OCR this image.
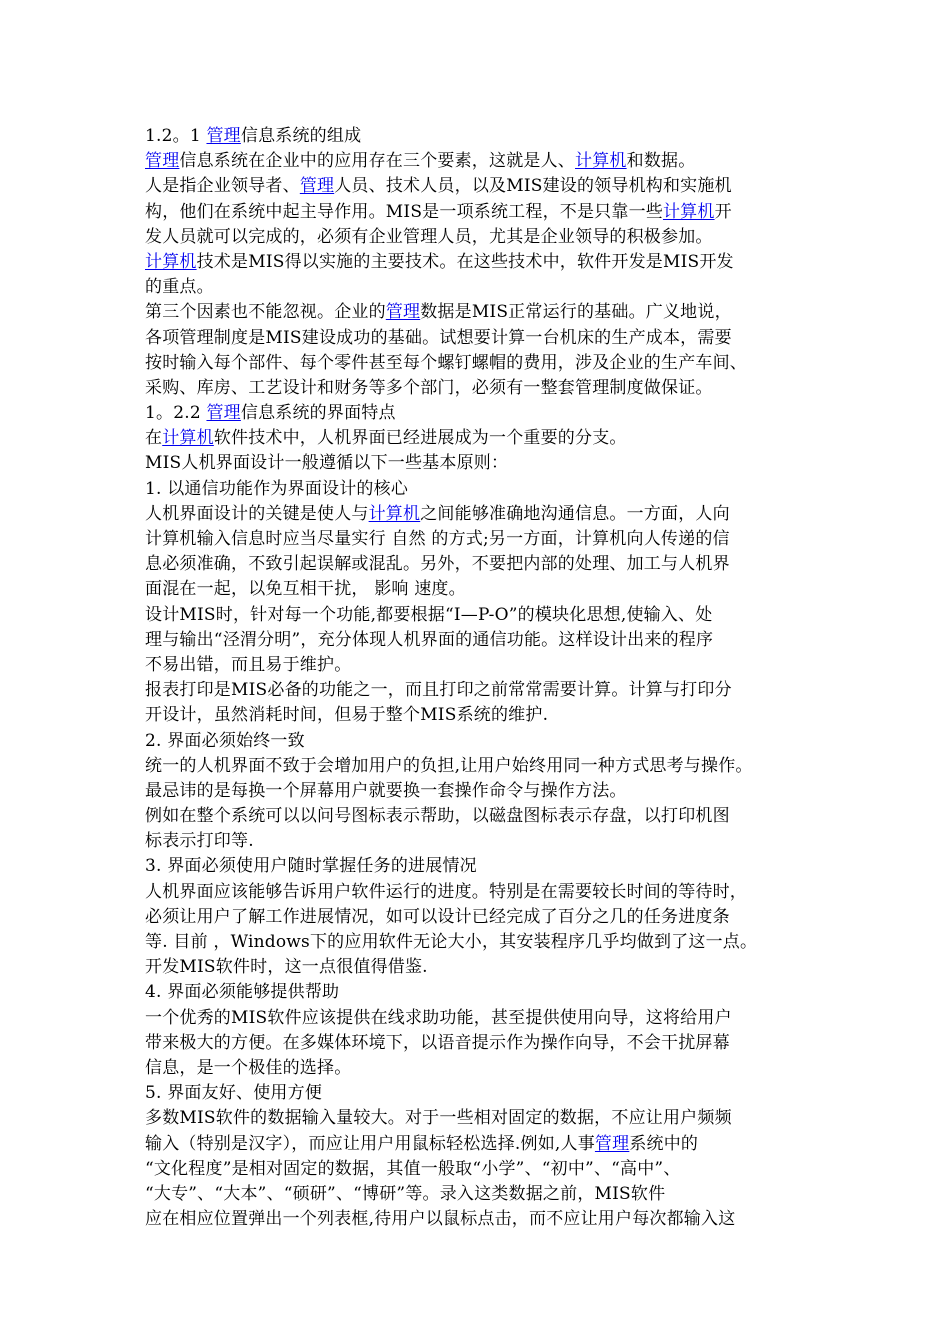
1.2。1 管理信息系统的组成
管理信息系统在企业中的应用存在三个要素，这就是人、计算机和数据。
人是指企业领导者、管理人员、技术人员，以及MIS建设的领导机构和实施机
构，他们在系统中起主导作用。MIS是一项系统工程，不是只靠一些计算机开
发人员就可以完成的，必须有企业管理人员，尤其是企业领导的积极参加。
计算机技术是MIS得以实施的主要技术。在这些技术中，软件开发是MIS开发
的重点。
第三个因素也不能忽视。企业的管理数据是MIS正常运行的基础。广义地说，
各项管理制度是MIS建设成功的基础。试想要计算一台机床的生产成本，需要
按时输入每个部件、每个零件甚至每个螺钉螺帽的费用，涉及企业的生产车间、
采购、库房、工艺设计和财务等多个部门，必须有一整套管理制度做保证。
1。2.2 管理信息系统的界面特点
在计算机软件技术中，人机界面已经进展成为一个重要的分支。
MIS人机界面设计一般遵循以下一些基本原则：
1. 以通信功能作为界面设计的核心
人机界面设计的关键是使人与计算机之间能够准确地沟通信息。一方面，人向
计算机输入信息时应当尽量实行 自然 的方式;另一方面，计算机向人传递的信
息必须准确，不致引起误解或混乱。另外，不要把内部的处理、加工与人机界
面混在一起，以免互相干扰， 影响 速度。
设计MIS时，针对每一个功能,都要根据“I—P-O”的模块化思想,使输入、处
理与输出“泾渭分明”，充分体现人机界面的通信功能。这样设计出来的程序
不易出错，而且易于维护。
报表打印是MIS必备的功能之一，而且打印之前常常需要计算。计算与打印分
开设计，虽然消耗时间，但易于整个MIS系统的维护.
2. 界面必须始终一致
统一的人机界面不致于会增加用户的负担,让用户始终用同一种方式思考与操作。
最忌讳的是每换一个屏幕用户就要换一套操作命令与操作方法。
例如在整个系统可以以问号图标表示帮助，以磁盘图标表示存盘，以打印机图
标表示打印等.
3. 界面必须使用户随时掌握任务的进展情况
人机界面应该能够告诉用户软件运行的进度。特别是在需要较长时间的等待时，
必须让用户了解工作进展情况，如可以设计已经完成了百分之几的任务进度条
等. 目前 ，Windows下的应用软件无论大小，其安装程序几乎均做到了这一点。
开发MIS软件时，这一点很值得借鉴.
4. 界面必须能够提供帮助
一个优秀的MIS软件应该提供在线求助功能，甚至提供使用向导，这将给用户
带来极大的方便。在多媒体环境下，以语音提示作为操作向导，不会干扰屏幕
信息，是一个极佳的选择。
5. 界面友好、使用方便
多数MIS软件的数据输入量较大。对于一些相对固定的数据，不应让用户频频
输入（特别是汉字），而应让用户用鼠标轻松选择.例如,人事管理系统中的
“文化程度”是相对固定的数据，其值一般取“小学”、“初中”、“高中”、
“大专”、“大本”、“硕研”、“博研”等。录入这类数据之前，MIS软件
应在相应位置弹出一个列表框,待用户以鼠标点击，而不应让用户每次都输入这
